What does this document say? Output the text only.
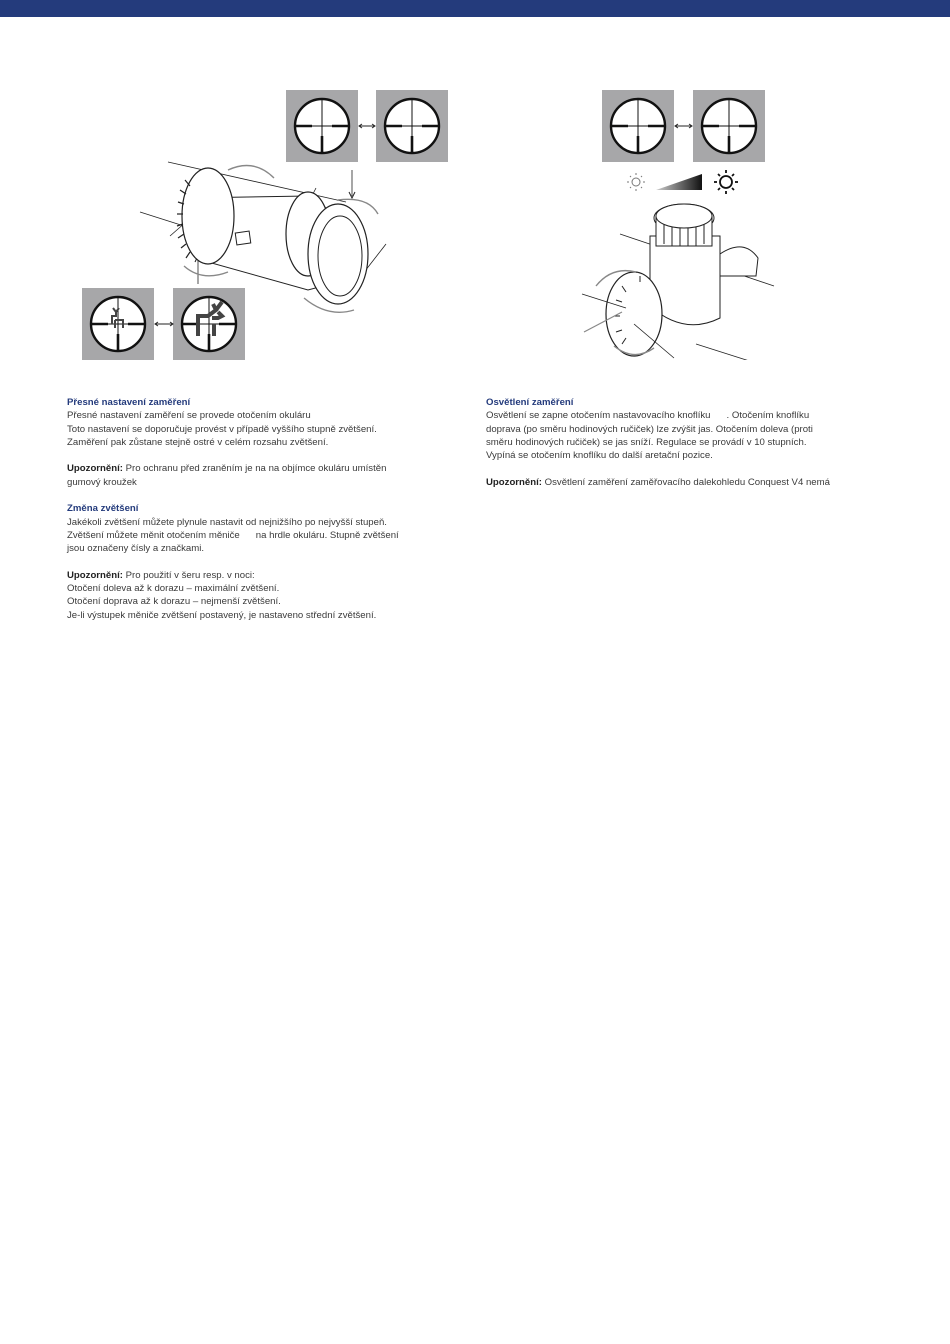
Přesné nastavení zaměření

Přesné nastavení zaměření se provede otočením okuláru

Toto nastavení se doporučuje provést v případě vyššího stupně zvětšení.

Zaměření pak zůstane stejně ostré v celém rozsahu zvětšení.

Upozornění: Pro ochranu před zraněním je na na objímce okuláru umístěn

gumový kroužek

Změna zvětšení

Jakékoli zvětšení můžete plynule nastavit od nejnižšího po nejvyšší stupeň.

Zvětšení můžete měnit otočením měniče na hrdle okuláru. Stupně zvětšení

jsou označeny čísly a značkami.

Upozornění: Pro použití v šeru resp. v noci:

Otočení doleva až k dorazu – maximální zvětšení.

Otočení doprava až k dorazu – nejmenší zvětšení.

Je-li výstupek měniče zvětšení postavený, je nastaveno střední zvětšení.

Osvětlení zaměření

Osvětlení se zapne otočením nastavovacího knoflíku . Otočením knoflíku

doprava (po směru hodinových ručiček) lze zvýšit jas. Otočením doleva (proti

směru hodinových ručiček) se jas sníží. Regulace se provádí v 10 stupních.

Vypíná se otočením knoflíku do další aretační pozice.

Upozornění: Osvětlení zaměření zaměřovacího dalekohledu Conquest V4 nemá
